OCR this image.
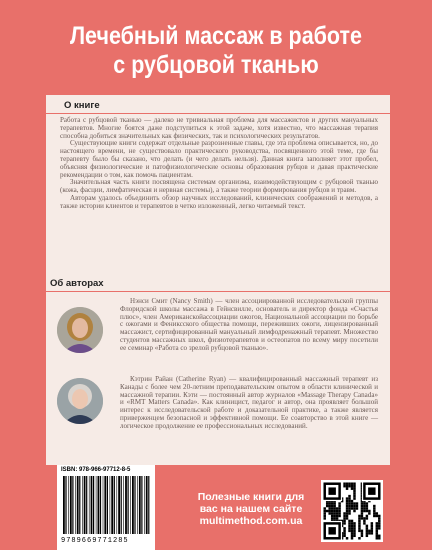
Лечебный массаж в работе
с рубцовой тканью
О книге

Работа с рубцовой тканью — далеко не тривиальная проблема для массажистов и других мануальных терапевтов. Многие боятся даже подступиться к этой задаче, хотя известно, что массажная терапия способна добиться значительных как физических, так и психологических результатов.

Существующие книги содержат отдельные разрозненные главы, где эта проблема описывается, но, до настоящего времени, не существовало практического руководства, посвященного этой теме, где бы терапевту было бы сказано, что делать (и чего делать нельзя). Данная книга заполняет этот пробел, объясняя физиологические и патофизиологические основы образования рубцов и давая практические рекомендации о том, как помочь пациентам.

Значительная часть книги посвящена системам организма, взаимодействующим с рубцовой тканью (кожа, фасции, лимфатическая и нервная системы), а также теории формирования рубцов и травм.

Авторам удалось объединить обзор научных исследований, клинических соображений и методов, а также истории клиентов и терапевтов в четко изложенный, легко читаемый текст.

Об авторах

Нэнси Смит (Nancy Smith) — член ассоциированной исследовательской группы Флоридской школы массажа в Гейнсвилле, основатель и директор фонда «Счастья плюс», член Американскойассоциации ожогов, Национальной ассоциации по борьбе с ожогами и Фениксского общества помощи, переживших ожоги, лицензированный массажист, сертифицированный мануальный лимфодренажный терапевт. Множество студентов массажных школ, физиотерапевтов и остеопатов по всему миру посетили ее семинар «Работа со зрелой рубцовой тканью».

Кэтрин Райан (Catherine Ryan) — квалифицированный массажный терапевт из Канады с более чем 20-летним преподавательским опытом в области клинической и массажной терапии. Кэти — постоянный автор журналов «Massage Therapy Canada» и «RMT Matters Canada». Как клиницист, педагог и автор, она проявляет большой интерес к исследовательской работе и доказательной практике, а также является приверженцем безопасной и эффективной помощи. Ее соавторство в этой книге — логическое продолжение ее профессиональных исследований.

ISBN: 978-966-97712-8-5
9789669771285
Полезные книги для
вас на нашем сайте
multimethod.com.ua
